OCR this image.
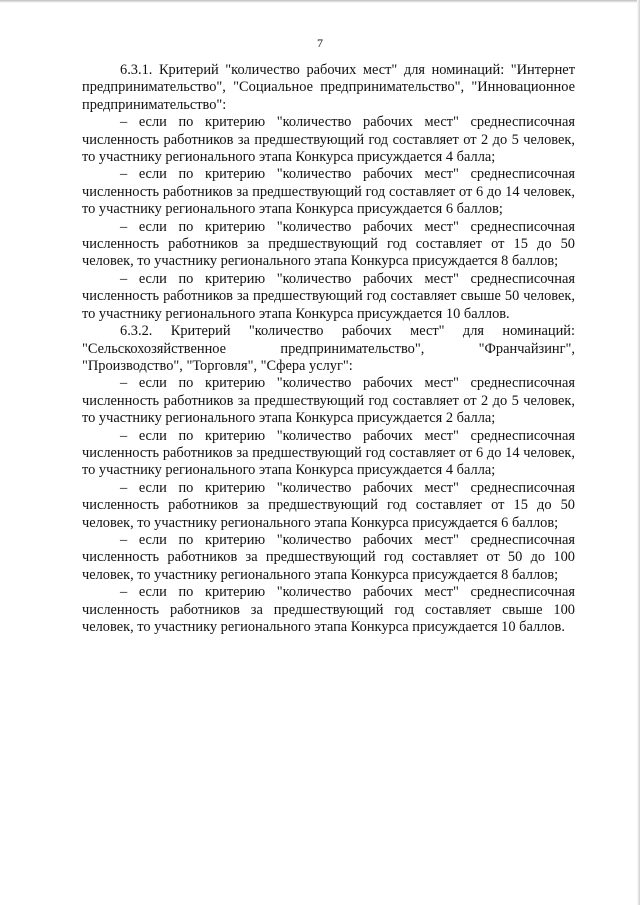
7

6.3.1. Критерий "количество рабочих мест" для номинаций: "Интернет предпринимательство", "Социальное предпринимательство", "Инновационное предпринимательство":

– если по критерию "количество рабочих мест" среднесписочная численность работников за предшествующий год составляет от 2 до 5 человек, то участнику регионального этапа Конкурса присуждается 4 балла;

– если по критерию "количество рабочих мест" среднесписочная численность работников за предшествующий год составляет от 6 до 14 человек, то участнику регионального этапа Конкурса присуждается 6 баллов;

– если по критерию "количество рабочих мест" среднесписочная численность работников за предшествующий год составляет от 15 до 50 человек, то участнику регионального этапа Конкурса присуждается 8 баллов;

– если по критерию "количество рабочих мест" среднесписочная численность работников за предшествующий год составляет свыше 50 человек, то участнику регионального этапа Конкурса присуждается 10 баллов.

6.3.2. Критерий "количество рабочих мест" для номинаций: "Сельскохозяйственное предпринимательство", "Франчайзинг", "Производство", "Торговля", "Сфера услуг":

– если по критерию "количество рабочих мест" среднесписочная численность работников за предшествующий год составляет от 2 до 5 человек, то участнику регионального этапа Конкурса присуждается 2 балла;

– если по критерию "количество рабочих мест" среднесписочная численность работников за предшествующий год составляет от 6 до 14 человек, то участнику регионального этапа Конкурса присуждается 4 балла;

– если по критерию "количество рабочих мест" среднесписочная численность работников за предшествующий год составляет от 15 до 50 человек, то участнику регионального этапа Конкурса присуждается 6 баллов;

– если по критерию "количество рабочих мест" среднесписочная численность работников за предшествующий год составляет от 50 до 100 человек, то участнику регионального этапа Конкурса присуждается 8 баллов;

– если по критерию "количество рабочих мест" среднесписочная численность работников за предшествующий год составляет свыше 100 человек, то участнику регионального этапа Конкурса присуждается 10 баллов.
